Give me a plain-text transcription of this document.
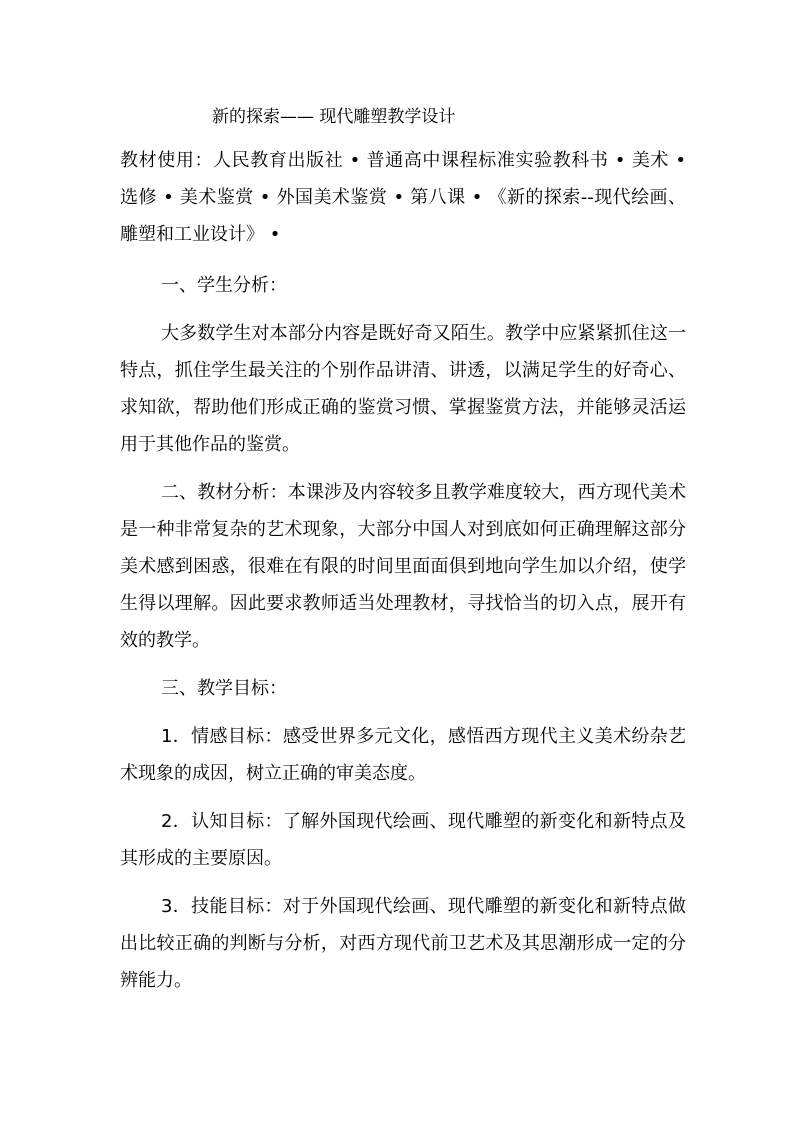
新的探索—— 现代雕塑教学设计
教材使用：人民教育出版社 • 普通高中课程标准实验教科书 • 美术 • 选修 • 美术鉴赏 • 外国美术鉴赏 • 第八课 • 《新的探索--现代绘画、雕塑和工业设计》 •
一、学生分析：
大多数学生对本部分内容是既好奇又陌生。教学中应紧紧抓住这一特点，抓住学生最关注的个别作品讲清、讲透，以满足学生的好奇心、求知欲，帮助他们形成正确的鉴赏习惯、掌握鉴赏方法，并能够灵活运用于其他作品的鉴赏。
二、教材分析：本课涉及内容较多且教学难度较大，西方现代美术是一种非常复杂的艺术现象，大部分中国人对到底如何正确理解这部分美术感到困惑，很难在有限的时间里面面俱到地向学生加以介绍，使学生得以理解。因此要求教师适当处理教材，寻找恰当的切入点，展开有效的教学。
三、教学目标：
1．情感目标：感受世界多元文化，感悟西方现代主义美术纷杂艺术现象的成因，树立正确的审美态度。
2．认知目标：了解外国现代绘画、现代雕塑的新变化和新特点及其形成的主要原因。
3．技能目标：对于外国现代绘画、现代雕塑的新变化和新特点做出比较正确的判断与分析，对西方现代前卫艺术及其思潮形成一定的分辨能力。
